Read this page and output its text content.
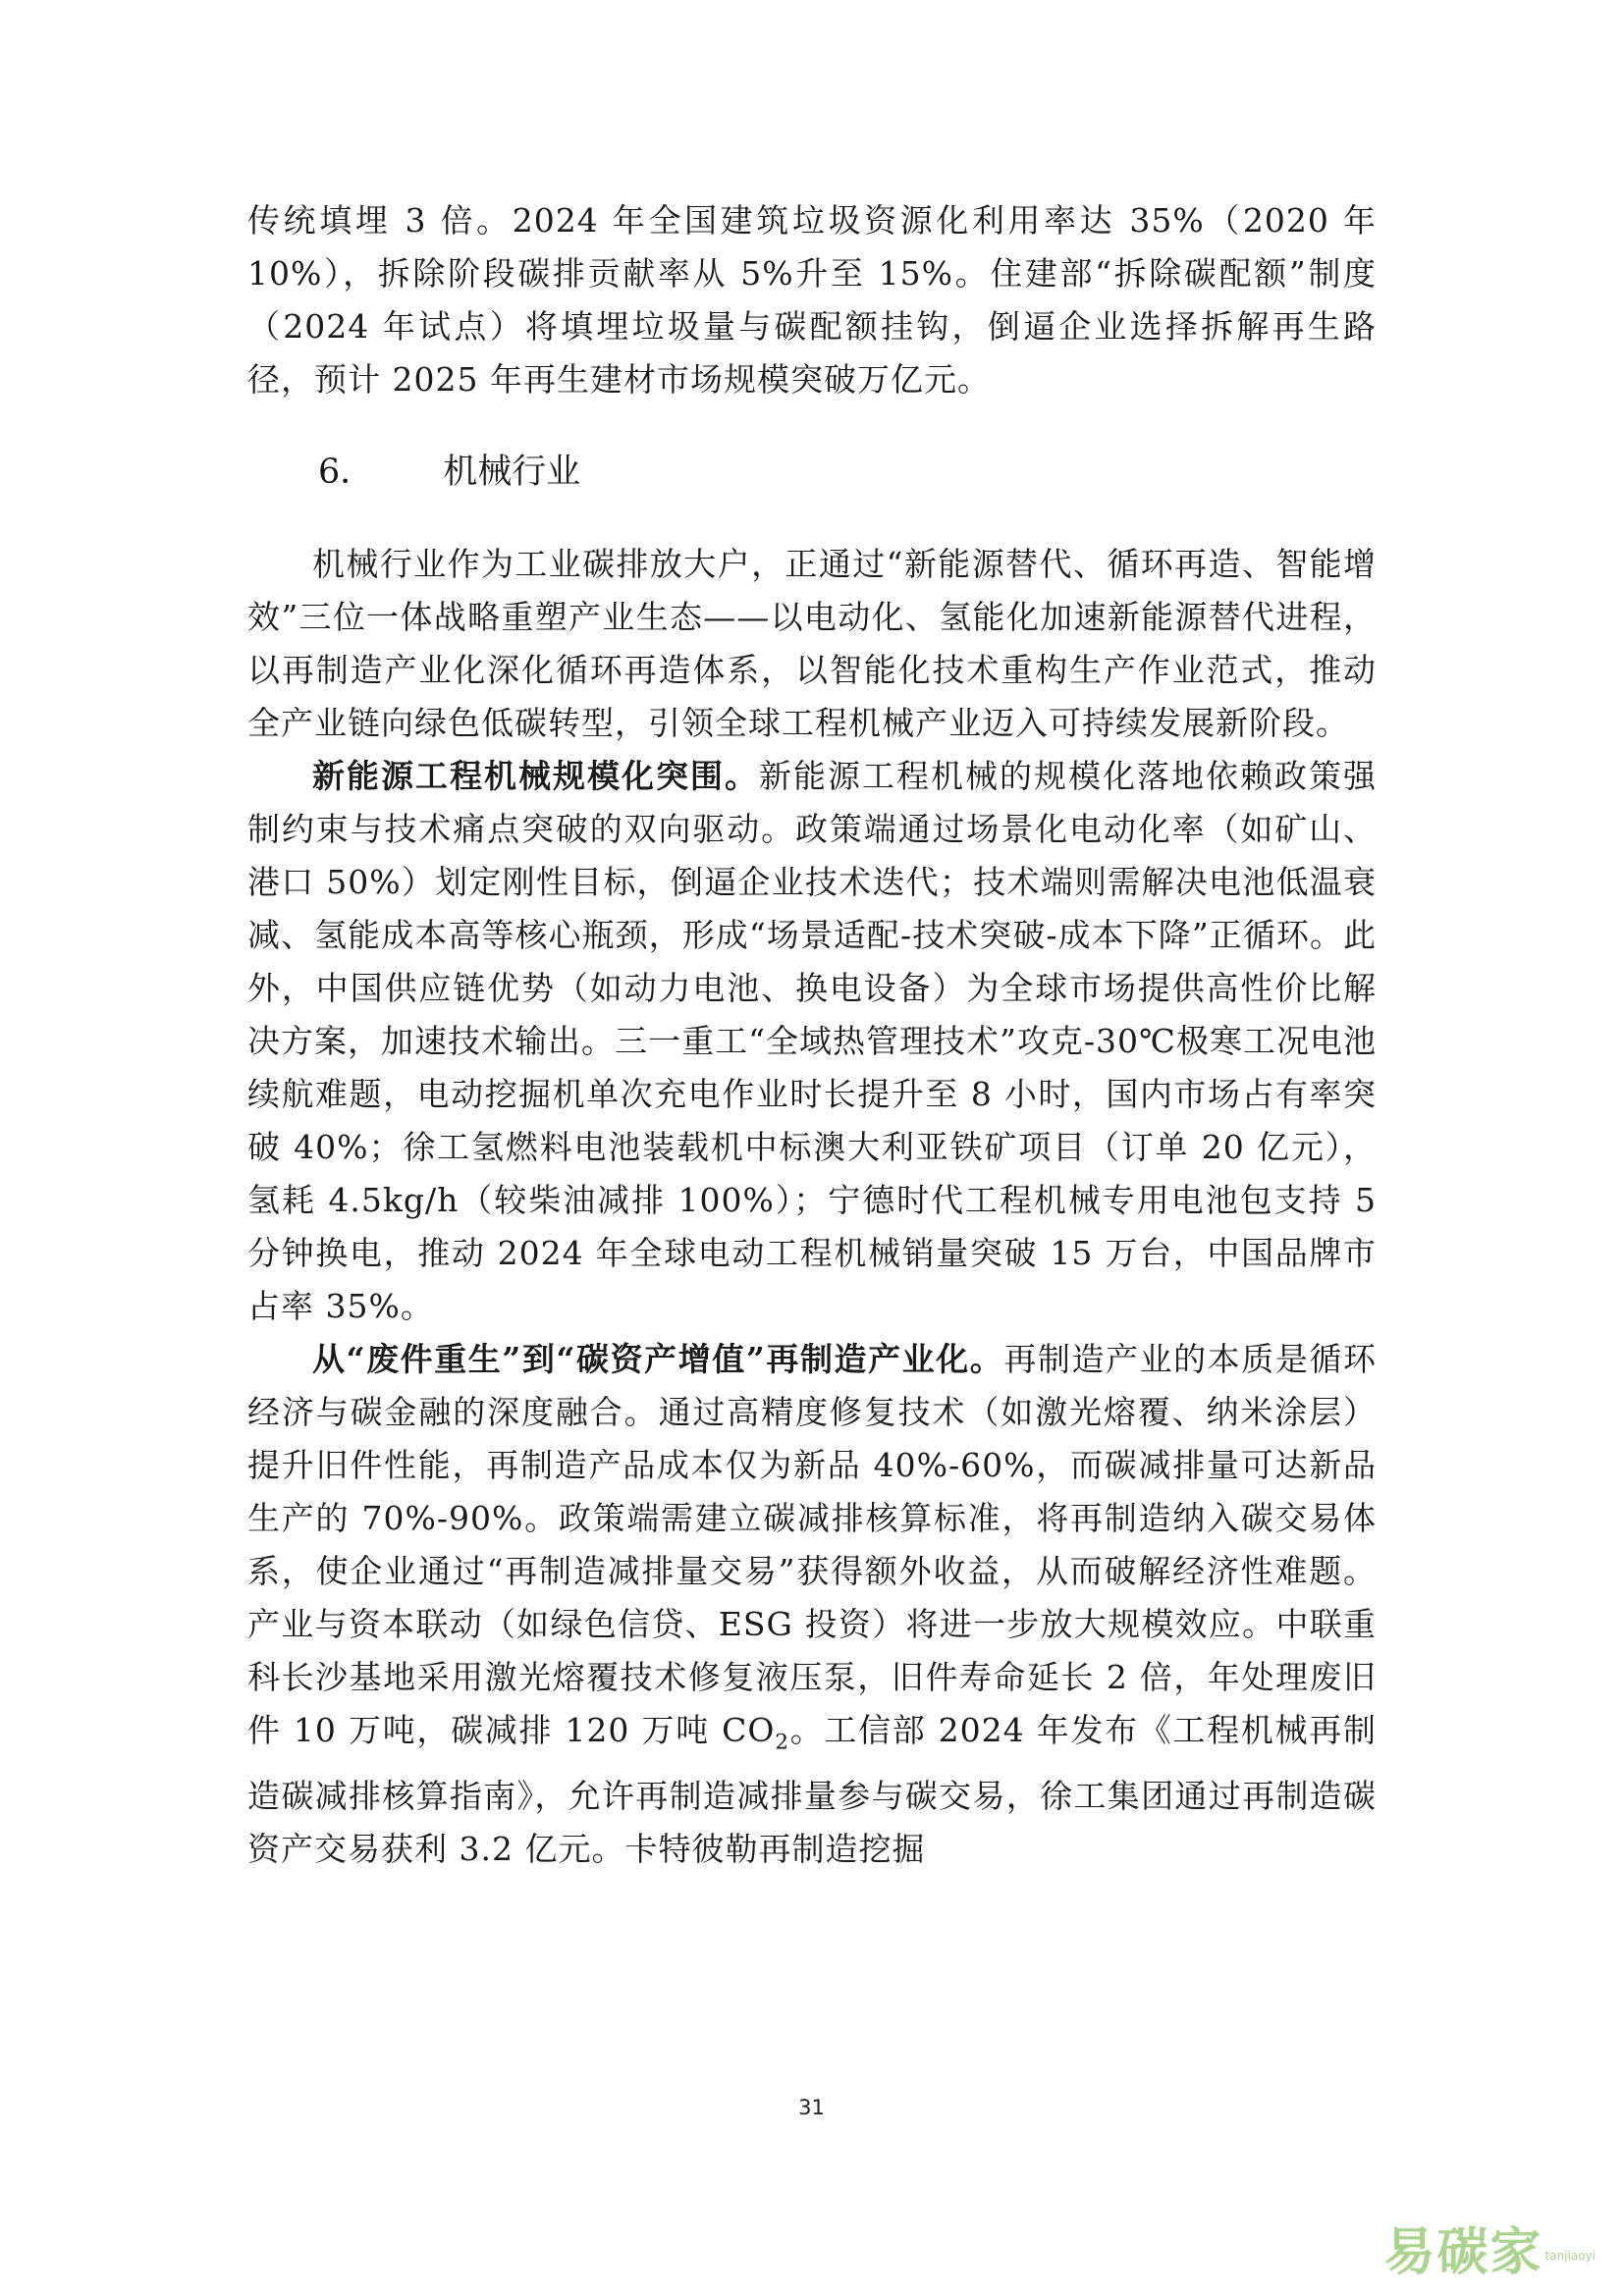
传统填埋 3 倍。2024 年全国建筑垃圾资源化利用率达 35%（2020 年 10%），拆除阶段碳排贡献率从 5%升至 15%。住建部“拆除碳配额”制度（2024 年试点）将填埋垃圾量与碳配额挂钩，倒逼企业选择拆解再生路径，预计 2025 年再生建材市场规模突破万亿元。

6． 机械行业

机械行业作为工业碳排放大户，正通过“新能源替代、循环再造、智能增效”三位一体战略重塑产业生态——以电动化、氢能化加速新能源替代进程，以再制造产业化深化循环再造体系，以智能化技术重构生产作业范式，推动全产业链向绿色低碳转型，引领全球工程机械产业迈入可持续发展新阶段。

新能源工程机械规模化突围。新能源工程机械的规模化落地依赖政策强制约束与技术痛点突破的双向驱动。政策端通过场景化电动化率（如矿山、港口 50%）划定刚性目标，倒逼企业技术迭代；技术端则需解决电池低温衰减、氢能成本高等核心瓶颈，形成“场景适配-技术突破-成本下降”正循环。此外，中国供应链优势（如动力电池、换电设备）为全球市场提供高性价比解决方案，加速技术输出。三一重工“全域热管理技术”攻克-30℃极寒工况电池续航难题，电动挖掘机单次充电作业时长提升至 8 小时，国内市场占有率突破 40%；徐工氢燃料电池装载机中标澳大利亚铁矿项目（订单 20 亿元），氢耗 4.5kg/h（较柴油减排 100%）；宁德时代工程机械专用电池包支持 5 分钟换电，推动 2024 年全球电动工程机械销量突破 15 万台，中国品牌市占率 35%。

从“废件重生”到“碳资产增值”再制造产业化。再制造产业的本质是循环经济与碳金融的深度融合。通过高精度修复技术（如激光熔覆、纳米涂层）提升旧件性能，再制造产品成本仅为新品 40%-60%，而碳减排量可达新品生产的 70%-90%。政策端需建立碳减排核算标准，将再制造纳入碳交易体系，使企业通过“再制造减排量交易”获得额外收益，从而破解经济性难题。产业与资本联动（如绿色信贷、ESG 投资）将进一步放大规模效应。中联重科长沙基地采用激光熔覆技术修复液压泵，旧件寿命延长 2 倍，年处理废旧件 10 万吨，碳减排 120 万吨 $CO_2$。工信部 2024 年发布《工程机械再制造碳减排核算指南》，允许再制造减排量参与碳交易，徐工集团通过再制造碳资产交易获利 3.2 亿元。卡特彼勒再制造挖掘

31
易碳家 tanjiaoyi
